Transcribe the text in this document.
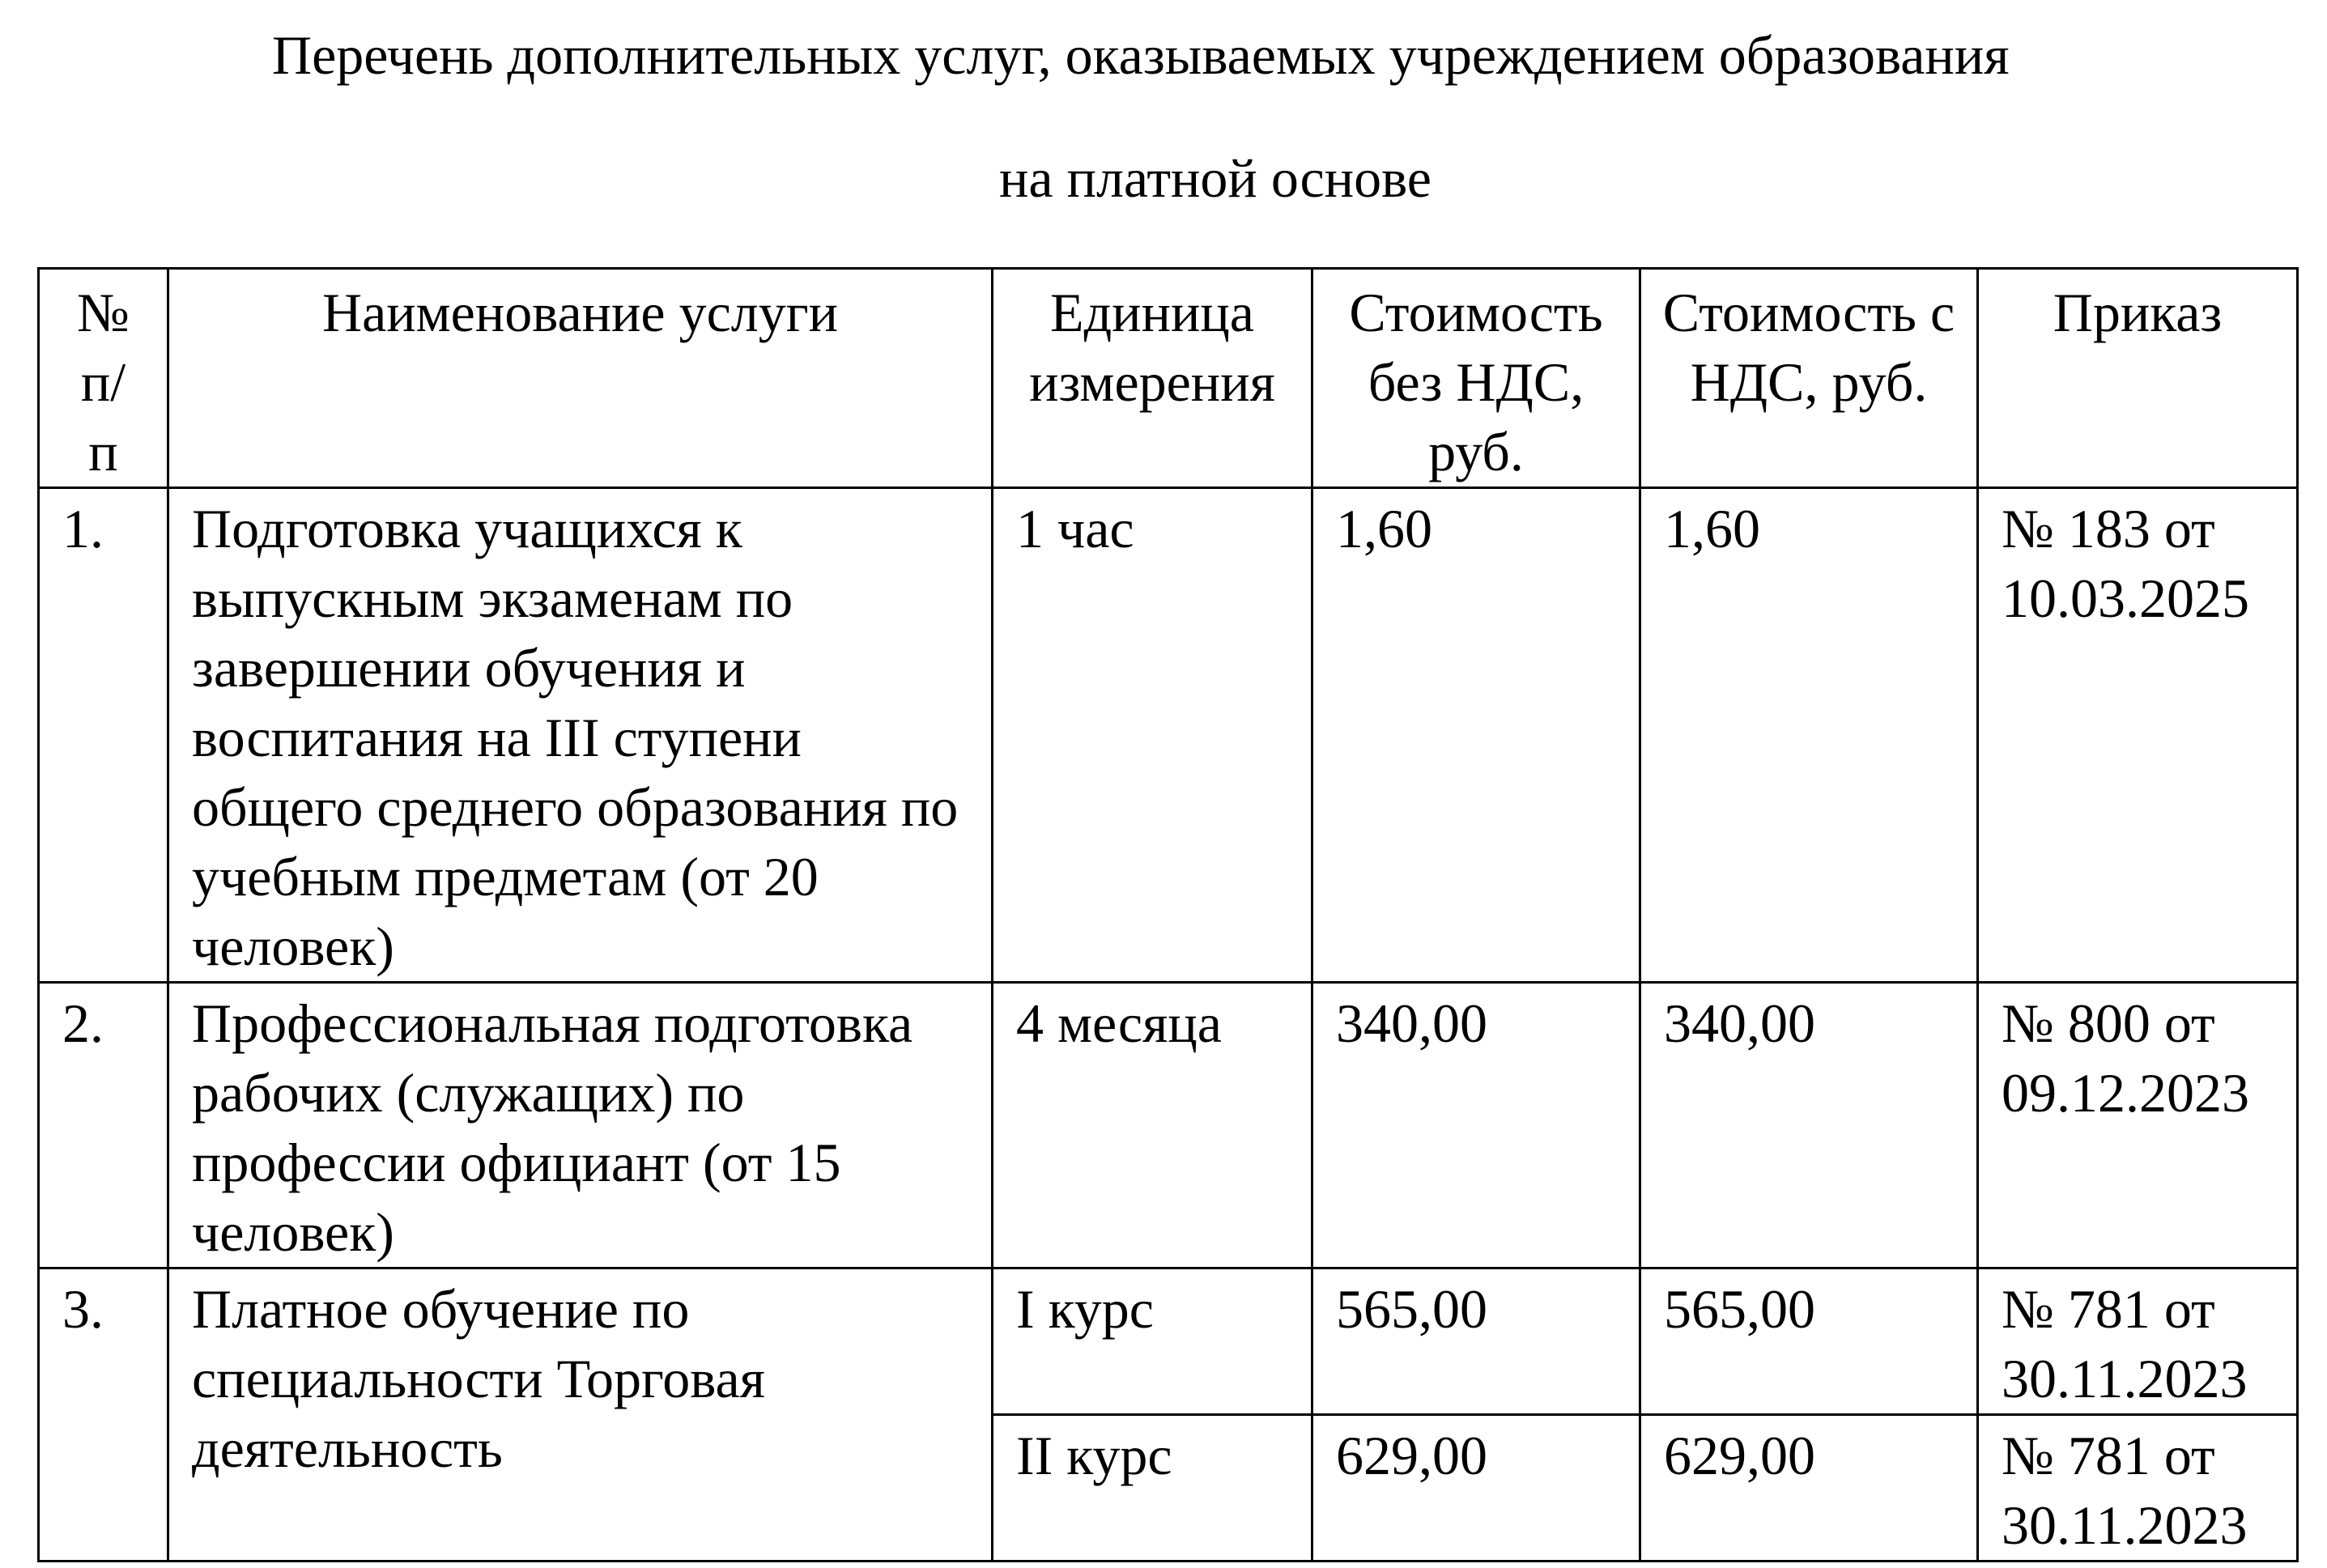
Перечень дополнительных услуг, оказываемых учреждением образования
на платной основе
№ п/п	Наименование услуги	Единица измерения	Стоимость без НДС, руб.	Стоимость с НДС, руб.	Приказ

1.	Подготовка учащихся к выпускным экзаменам по завершении обучения и воспитания на III ступени общего среднего образования по учебным предметам (от 20 человек)	1 час	1,60	1,60	№ 183 от 10.03.2025
2.	Профессиональная подготовка рабочих (служащих) по профессии официант (от 15 человек)	4 месяца	340,00	340,00	№ 800 от 09.12.2023
3.	Платное обучение по специальности Торговая деятельность	I курс	565,00	565,00	№ 781 от 30.11.2023
		II курс	629,00	629,00	№ 781 от 30.11.2023
